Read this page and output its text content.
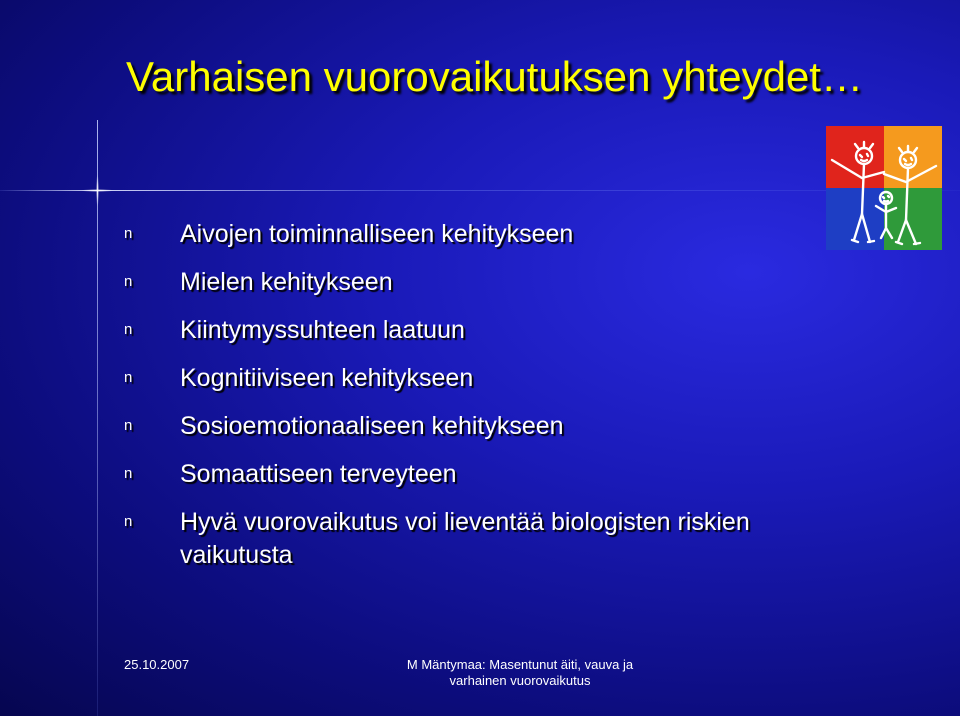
Varhaisen vuorovaikutuksen yhteydet…
n Aivojen toiminnalliseen kehitykseen
n Mielen kehitykseen
n Kiintymyssuhteen laatuun
n Kognitiiviseen kehitykseen
n Sosioemotionaaliseen kehitykseen
n Somaattiseen terveyteen
n Hyvä vuorovaikutus voi lieventää biologisten riskien vaikutusta
25.10.2007	M Mäntymaa: Masentunut äiti, vauva ja
varhainen vuorovaikutus
